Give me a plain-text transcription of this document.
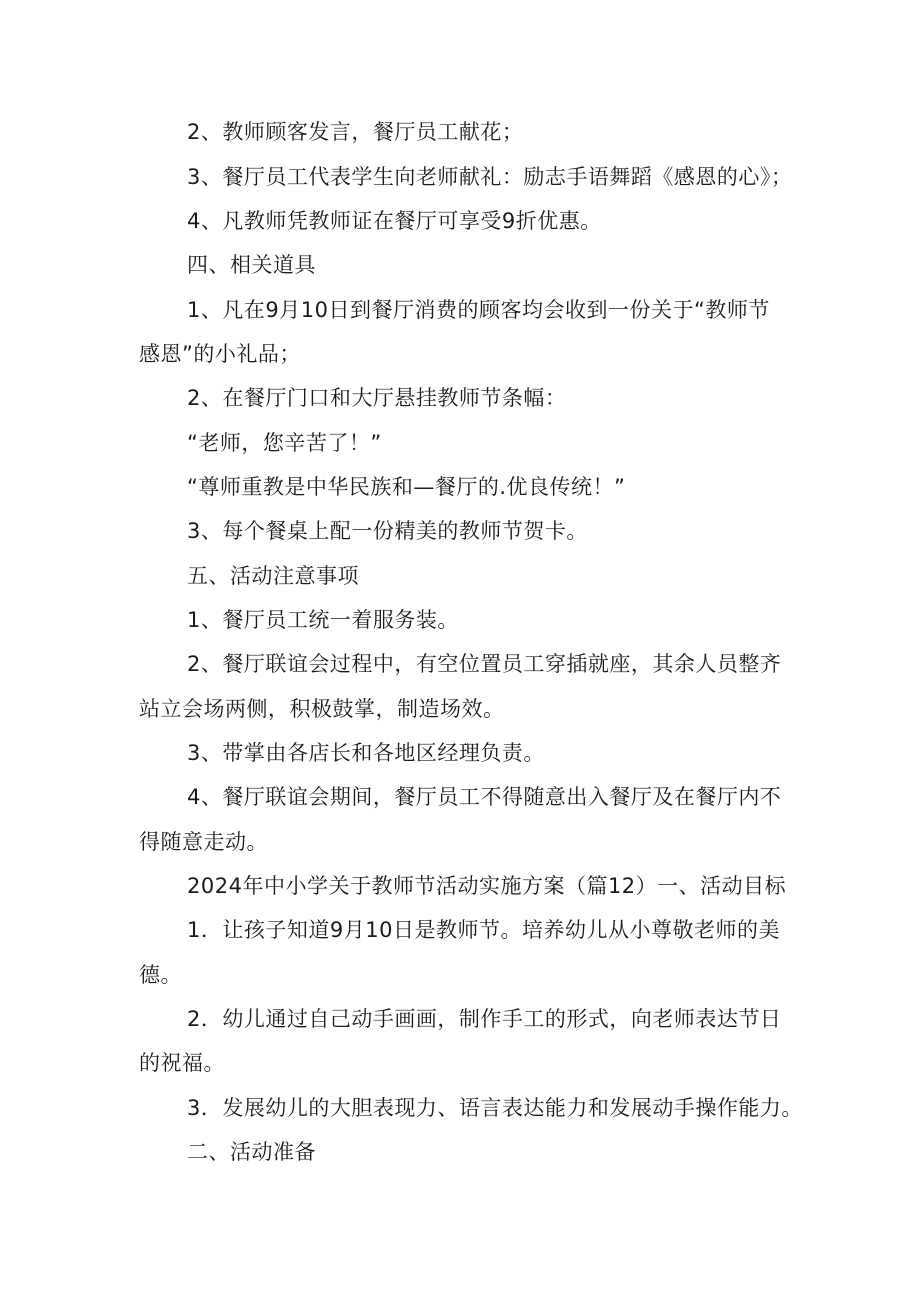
2、教师顾客发言，餐厅员工献花；
3、餐厅员工代表学生向老师献礼：励志手语舞蹈《感恩的心》；
4、凡教师凭教师证在餐厅可享受9折优惠。
四、相关道具
1、凡在9月10日到餐厅消费的顾客均会收到一份关于“教师节
感恩”的小礼品；
2、在餐厅门口和大厅悬挂教师节条幅：
“老师，您辛苦了！”
“尊师重教是中华民族和—餐厅的.优良传统！”
3、每个餐桌上配一份精美的教师节贺卡。
五、活动注意事项
1、餐厅员工统一着服务装。
2、餐厅联谊会过程中，有空位置员工穿插就座，其余人员整齐
站立会场两侧，积极鼓掌，制造场效。
3、带掌由各店长和各地区经理负责。
4、餐厅联谊会期间，餐厅员工不得随意出入餐厅及在餐厅内不
得随意走动。
2024年中小学关于教师节活动实施方案（篇12）一、活动目标
1．让孩子知道9月10日是教师节。培养幼儿从小尊敬老师的美
德。
2．幼儿通过自己动手画画，制作手工的形式，向老师表达节日
的祝福。
3．发展幼儿的大胆表现力、语言表达能力和发展动手操作能力。
二、活动准备
